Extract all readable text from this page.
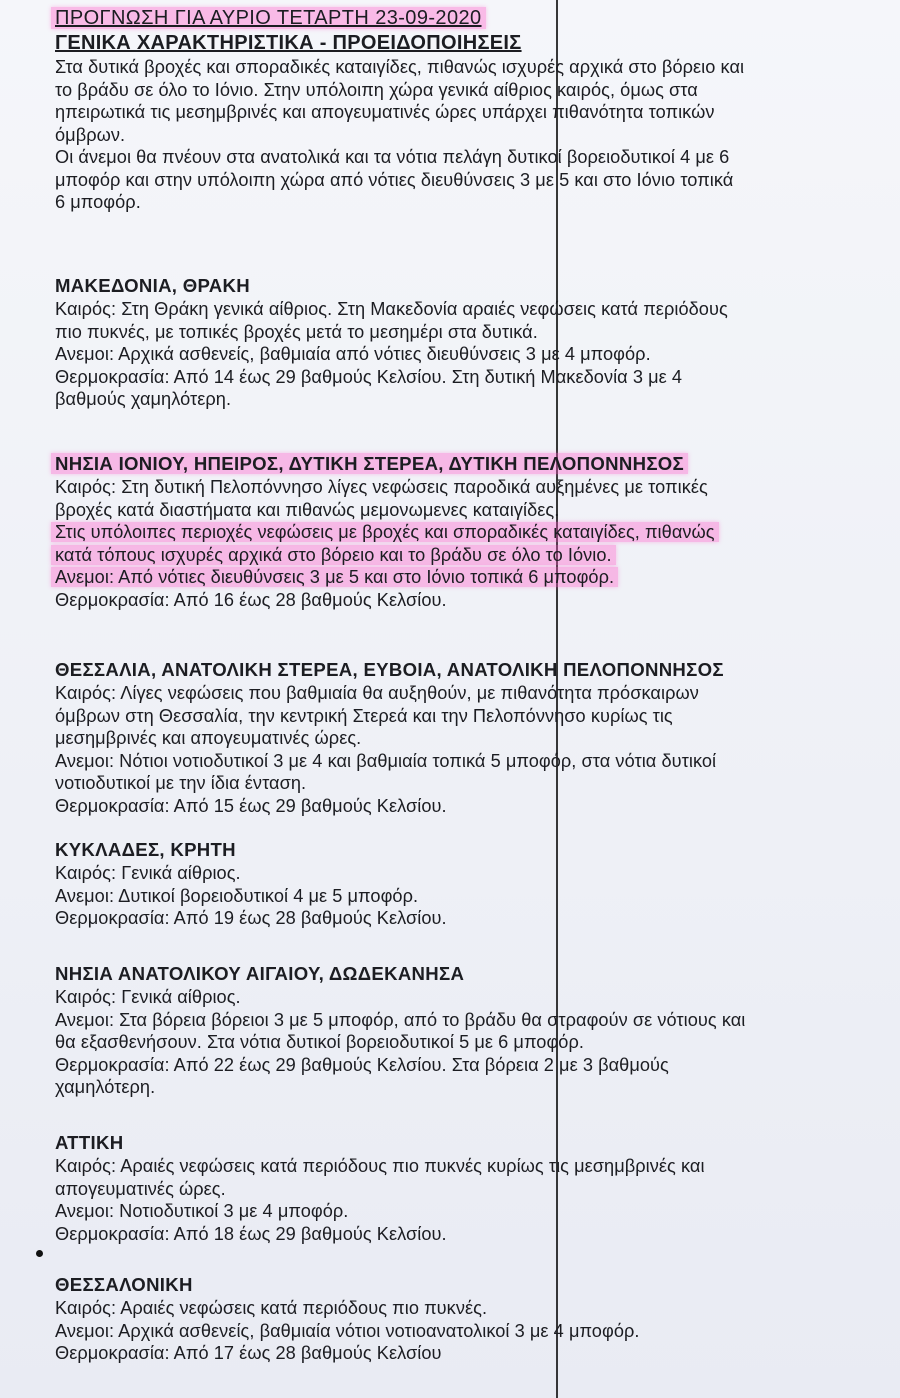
ΠΡΟΓΝΩΣΗ ΓΙΑ ΑΥΡΙΟ ΤΕΤΑΡΤΗ 23-09-2020
ΓΕΝΙΚΑ ΧΑΡΑΚΤΗΡΙΣΤΙΚΑ - ΠΡΟΕΙΔΟΠΟΙΗΣΕΙΣ
Στα δυτικά βροχές και σποραδικές καταιγίδες, πιθανώς ισχυρές αρχικά στο βόρειο και
το βράδυ σε όλο το Ιόνιο. Στην υπόλοιπη χώρα γενικά αίθριος καιρός, όμως στα
ηπειρωτικά τις μεσημβρινές και απογευματινές ώρες υπάρχει πιθανότητα τοπικών
όμβρων.
Οι άνεμοι θα πνέουν στα ανατολικά και τα νότια πελάγη δυτικοί βορειοδυτικοί 4 με 6
μποφόρ και στην υπόλοιπη χώρα από νότιες διευθύνσεις 3 με 5 και στο Ιόνιο τοπικά
6 μποφόρ.
ΜΑΚΕΔΟΝΙΑ, ΘΡΑΚΗ
Καιρός: Στη Θράκη γενικά αίθριος. Στη Μακεδονία αραιές νεφώσεις κατά περιόδους
πιο πυκνές, με τοπικές βροχές μετά το μεσημέρι στα δυτικά.
Ανεμοι: Αρχικά ασθενείς, βαθμιαία από νότιες διευθύνσεις 3 με 4 μποφόρ.
Θερμοκρασία: Από 14 έως 29 βαθμούς Κελσίου. Στη δυτική Μακεδονία 3 με 4
βαθμούς χαμηλότερη.
ΝΗΣΙΑ ΙΟΝΙΟΥ, ΗΠΕΙΡΟΣ, ΔΥΤΙΚΗ ΣΤΕΡΕΑ, ΔΥΤΙΚΗ ΠΕΛΟΠΟΝΝΗΣΟΣ
Καιρός: Στη δυτική Πελοπόννησο λίγες νεφώσεις παροδικά αυξημένες με τοπικές
βροχές κατά διαστήματα και πιθανώς μεμονωμενες καταιγίδες.
Στις υπόλοιπες περιοχές νεφώσεις με βροχές και σποραδικές καταιγίδες, πιθανώς
κατά τόπους ισχυρές αρχικά στο βόρειο και το βράδυ σε όλο το Ιόνιο.
Ανεμοι: Από νότιες διευθύνσεις 3 με 5 και στο Ιόνιο τοπικά 6 μποφόρ.
Θερμοκρασία: Από 16 έως 28 βαθμούς Κελσίου.
ΘΕΣΣΑΛΙΑ, ΑΝΑΤΟΛΙΚΗ ΣΤΕΡΕΑ, ΕΥΒΟΙΑ, ΑΝΑΤΟΛΙΚΗ ΠΕΛΟΠΟΝΝΗΣΟΣ
Καιρός: Λίγες νεφώσεις που βαθμιαία θα αυξηθούν, με πιθανότητα πρόσκαιρων
όμβρων στη Θεσσαλία, την κεντρική Στερεά και την Πελοπόννησο κυρίως τις
μεσημβρινές και απογευματινές ώρες.
Ανεμοι: Νότιοι νοτιοδυτικοί 3 με 4 και βαθμιαία τοπικά 5 μποφόρ, στα νότια δυτικοί
νοτιοδυτικοί με την ίδια ένταση.
Θερμοκρασία: Από 15 έως 29 βαθμούς Κελσίου.
ΚΥΚΛΑΔΕΣ, ΚΡΗΤΗ
Καιρός: Γενικά αίθριος.
Ανεμοι: Δυτικοί βορειοδυτικοί 4 με 5 μποφόρ.
Θερμοκρασία: Από 19 έως 28 βαθμούς Κελσίου.
ΝΗΣΙΑ ΑΝΑΤΟΛΙΚΟΥ ΑΙΓΑΙΟΥ, ΔΩΔΕΚΑΝΗΣΑ
Καιρός: Γενικά αίθριος.
Ανεμοι: Στα βόρεια βόρειοι 3 με 5 μποφόρ, από το βράδυ θα στραφούν σε νότιους και
θα εξασθενήσουν. Στα νότια δυτικοί βορειοδυτικοί 5 με 6 μποφόρ.
Θερμοκρασία: Από 22 έως 29 βαθμούς Κελσίου. Στα βόρεια 2 με 3 βαθμούς
χαμηλότερη.
ΑΤΤΙΚΗ
Καιρός: Αραιές νεφώσεις κατά περιόδους πιο πυκνές κυρίως τις μεσημβρινές και
απογευματινές ώρες.
Ανεμοι: Νοτιοδυτικοί 3 με 4 μποφόρ.
Θερμοκρασία: Από 18 έως 29 βαθμούς Κελσίου.
ΘΕΣΣΑΛΟΝΙΚΗ
Καιρός: Αραιές νεφώσεις κατά περιόδους πιο πυκνές.
Ανεμοι: Αρχικά ασθενείς, βαθμιαία νότιοι νοτιοανατολικοί 3 με 4 μποφόρ.
Θερμοκρασία: Από 17 έως 28 βαθμούς Κελσίου
